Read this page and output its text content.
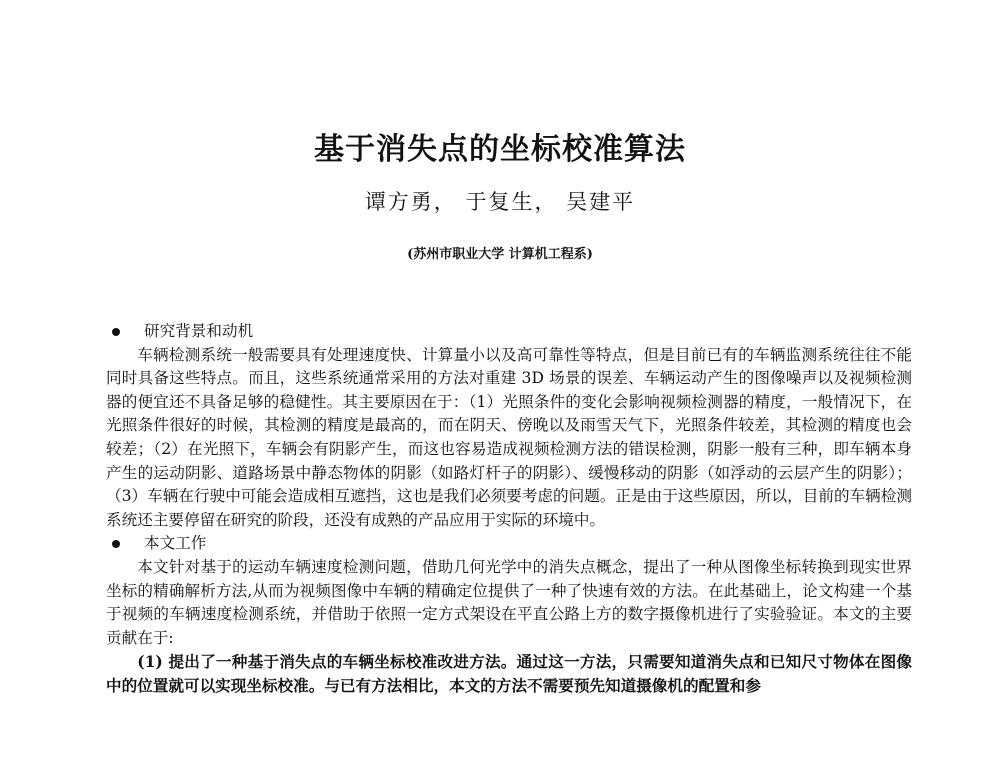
基于消失点的坐标校准算法
谭方勇， 于复生， 吴建平
(苏州市职业大学 计算机工程系)
研究背景和动机

车辆检测系统一般需要具有处理速度快、计算量小以及高可靠性等特点，但是目前已有的车辆监测系统往往不能同时具备这些特点。而且，这些系统通常采用的方法对重建 3D 场景的误差、车辆运动产生的图像噪声以及视频检测器的便宜还不具备足够的稳健性。其主要原因在于：（1）光照条件的变化会影响视频检测器的精度，一般情况下，在光照条件很好的时候，其检测的精度是最高的，而在阴天、傍晚以及雨雪天气下，光照条件较差，其检测的精度也会较差；（2）在光照下，车辆会有阴影产生，而这也容易造成视频检测方法的错误检测，阴影一般有三种，即车辆本身产生的运动阴影、道路场景中静态物体的阴影（如路灯杆子的阴影）、缓慢移动的阴影（如浮动的云层产生的阴影）；（3）车辆在行驶中可能会造成相互遮挡，这也是我们必须要考虑的问题。正是由于这些原因，所以，目前的车辆检测系统还主要停留在研究的阶段，还没有成熟的产品应用于实际的环境中。

本文工作

本文针对基于的运动车辆速度检测问题，借助几何光学中的消失点概念，提出了一种从图像坐标转换到现实世界坐标的精确解析方法,从而为视频图像中车辆的精确定位提供了一种了快速有效的方法。在此基础上，论文构建一个基于视频的车辆速度检测系统，并借助于依照一定方式架设在平直公路上方的数字摄像机进行了实验验证。本文的主要贡献在于:

(1) 提出了一种基于消失点的车辆坐标校准改进方法。通过这一方法，只需要知道消失点和已知尺寸物体在图像中的位置就可以实现坐标校准。与已有方法相比，本文的方法不需要预先知道摄像机的配置和参
